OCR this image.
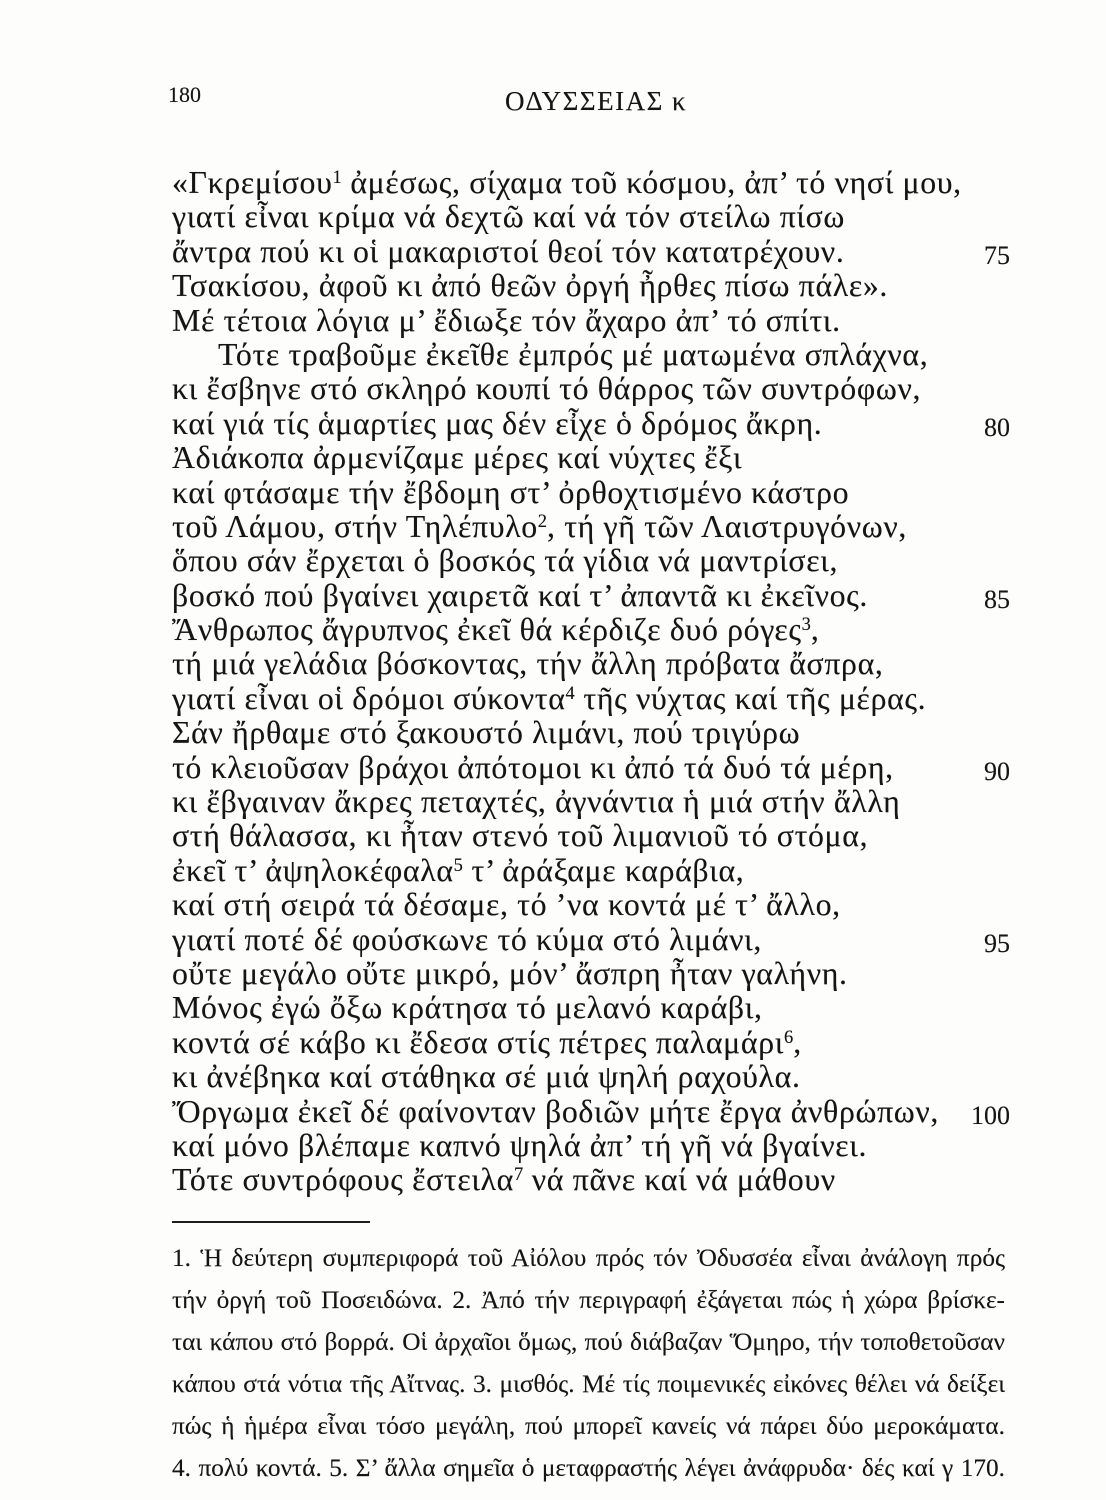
180	ΟΔΥΣΣΕΙΑΣ κ
«Γκρεμίσου$^1$ ἀμέσως, σίχαμα τοῦ κόσμου, ἀπ’ τό νησί μου,
γιατί εἶναι κρίμα νά δεχτῶ καί νά τόν στείλω πίσω
ἄντρα πού κι οἱ μακαριστοί θεοί τόν κατατρέχουν.	75
Τσακίσου, ἀφοῦ κι ἀπό θεῶν ὀργή ἦρθες πίσω πάλε».
Μέ τέτοια λόγια μ’ ἔδιωξε τόν ἄχαρο ἀπ’ τό σπίτι.
Τότε τραβοῦμε ἐκεῖθε ἐμπρός μέ ματωμένα σπλάχνα,
κι ἔσβηνε στό σκληρό κουπί τό θάρρος τῶν συντρόφων,
καί γιά τίς ἁμαρτίες μας δέν εἶχε ὁ δρόμος ἄκρη.	80
Ἀδιάκοπα ἀρμενίζαμε μέρες καί νύχτες ἔξι
καί φτάσαμε τήν ἔβδομη στ’ ὀρθοχτισμένο κάστρο
τοῦ Λάμου, στήν Τηλέπυλο$^2$, τή γῆ τῶν Λαιστρυγόνων,
ὅπου σάν ἔρχεται ὁ βοσκός τά γίδια νά μαντρίσει,
βοσκό πού βγαίνει χαιρετᾶ καί τ’ ἀπαντᾶ κι ἐκεῖνος.	85
Ἄνθρωπος ἄγρυπνος ἐκεῖ θά κέρδιζε δυό ρόγες$^3$,
τή μιά γελάδια βόσκοντας, τήν ἄλλη πρόβατα ἄσπρα,
γιατί εἶναι οἱ δρόμοι σύκοντα$^4$ τῆς νύχτας καί τῆς μέρας.
Σάν ἤρθαμε στό ξακουστό λιμάνι, πού τριγύρω
τό κλειοῦσαν βράχοι ἀπότομοι κι ἀπό τά δυό τά μέρη,	90
κι ἔβγαιναν ἄκρες πεταχτές, ἀγνάντια ἡ μιά στήν ἄλλη
στή θάλασσα, κι ἦταν στενό τοῦ λιμανιοῦ τό στόμα,
ἐκεῖ τ’ ἀψηλοκέφαλα$^5$ τ’ ἀράξαμε καράβια,
καί στή σειρά τά δέσαμε, τό ’να κοντά μέ τ’ ἄλλο,
γιατί ποτέ δέ φούσκωνε τό κύμα στό λιμάνι,	95
οὔτε μεγάλο οὔτε μικρό, μόν’ ἄσπρη ἦταν γαλήνη.
Μόνος ἐγώ ὄξω κράτησα τό μελανό καράβι,
κοντά σέ κάβο κι ἔδεσα στίς πέτρες παλαμάρι$^6$,
κι ἀνέβηκα καί στάθηκα σέ μιά ψηλή ραχούλα.
Ὄργωμα ἐκεῖ δέ φαίνονταν βοδιῶν μήτε ἔργα ἀνθρώπων, 100
καί μόνο βλέπαμε καπνό ψηλά ἀπ’ τή γῆ νά βγαίνει.
Τότε συντρόφους ἔστειλα$^7$ νά πᾶνε καί νά μάθουν
1. Ἡ δεύτερη συμπεριφορά τοῦ Αἰόλου πρός τόν Ὀδυσσέα εἶναι ἀνάλογη πρός
τήν ὀργή τοῦ Ποσειδώνα. 2. Ἀπό τήν περιγραφή ἐξάγεται πώς ἡ χώρα βρίσκε-
ται κάπου στό βορρά. Οἱ ἀρχαῖοι ὅμως, πού διάβαζαν Ὅμηρο, τήν τοποθετοῦσαν
κάπου στά νότια τῆς Αἴτνας. 3. μισθός. Μέ τίς ποιμενικές εἰκόνες θέλει νά δείξει
πώς ἡ ἡμέρα εἶναι τόσο μεγάλη, πού μπορεῖ κανείς νά πάρει δύο μεροκάματα.
4. πολύ κοντά. 5. Σ’ ἄλλα σημεῖα ὁ μεταφραστής λέγει ἀνάφρυδα· δές καί γ 170.
